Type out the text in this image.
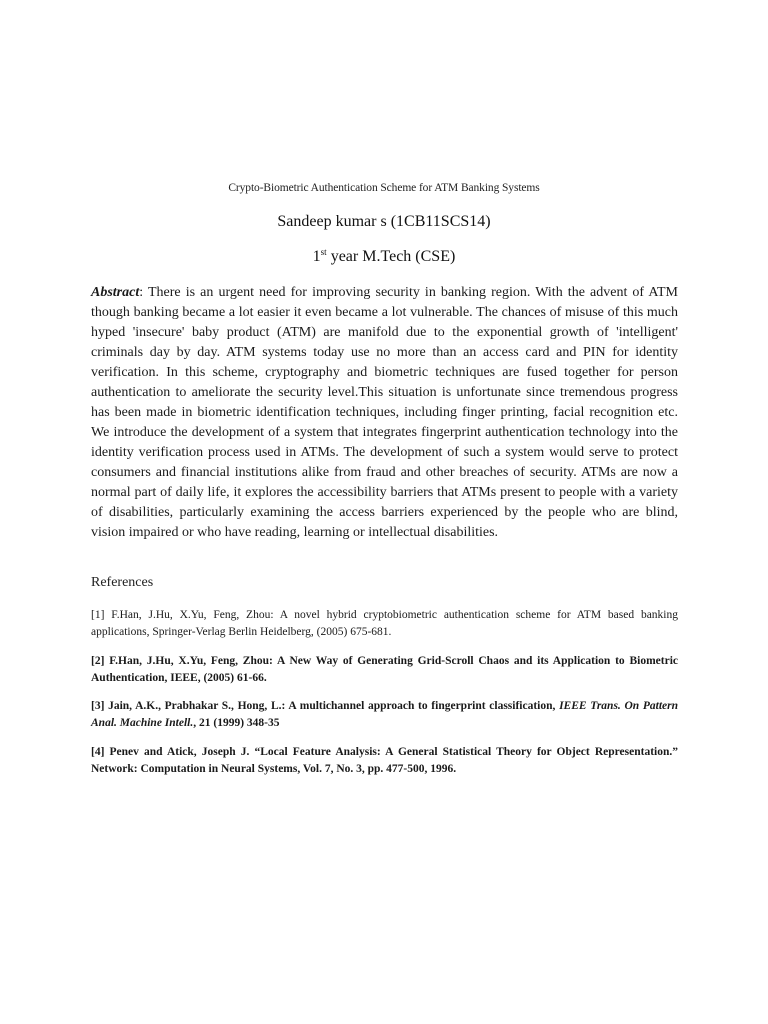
Crypto-Biometric Authentication Scheme for ATM Banking Systems
Sandeep kumar s (1CB11SCS14)
1st year M.Tech (CSE)

Abstract: There is an urgent need for improving security in banking region. With the advent of ATM though banking became a lot easier it even became a lot vulnerable. The chances of misuse of this much hyped 'insecure' baby product (ATM) are manifold due to the exponential growth of 'intelligent' criminals day by day. ATM systems today use no more than an access card and PIN for identity verification. In this scheme, cryptography and biometric techniques are fused together for person authentication to ameliorate the security level.This situation is unfortunate since tremendous progress has been made in biometric identification techniques, including finger printing, facial recognition etc. We introduce the development of a system that integrates fingerprint authentication technology into the identity verification process used in ATMs. The development of such a system would serve to protect consumers and financial institutions alike from fraud and other breaches of security. ATMs are now a normal part of daily life, it explores the accessibility barriers that ATMs present to people with a variety of disabilities, particularly examining the access barriers experienced by the people who are blind, vision impaired or who have reading, learning or intellectual disabilities.

References

[1] F.Han, J.Hu, X.Yu, Feng, Zhou: A novel hybrid cryptobiometric authentication scheme for ATM based banking applications, Springer-Verlag Berlin Heidelberg, (2005) 675-681.

[2] F.Han, J.Hu, X.Yu, Feng, Zhou: A New Way of Generating Grid-Scroll Chaos and its Application to Biometric Authentication, IEEE, (2005) 61-66.

[3] Jain, A.K., Prabhakar S., Hong, L.: A multichannel approach to fingerprint classification, IEEE Trans. On Pattern Anal. Machine Intell., 21 (1999) 348-35

[4] Penev and Atick, Joseph J. “Local Feature Analysis: A General Statistical Theory for Object Representation.” Network: Computation in Neural Systems, Vol. 7, No. 3, pp. 477-500, 1996.
